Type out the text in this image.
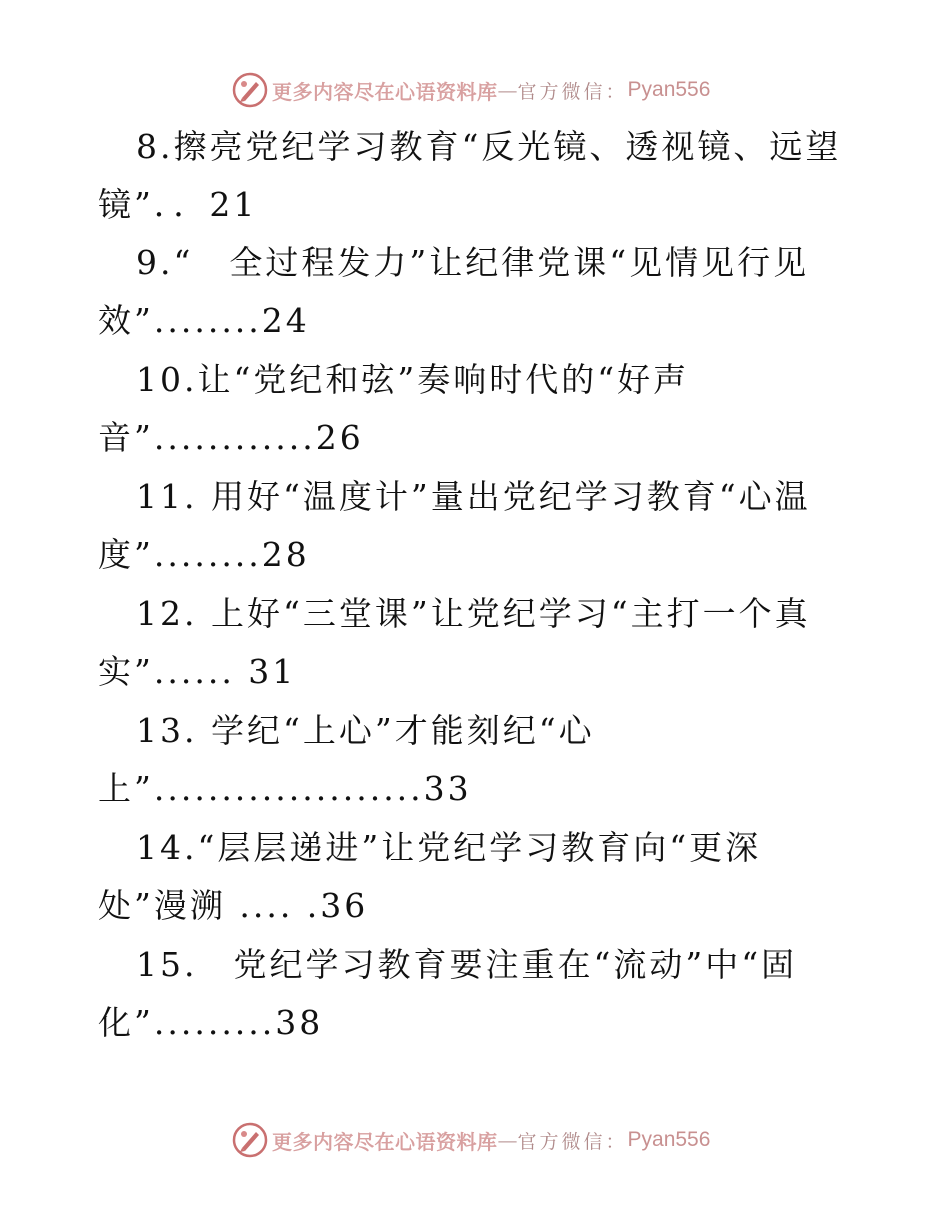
更多内容尽在心语资料库 — 官方微信： Pyan556
8.擦亮党纪学习教育“反光镜、透视镜、远望
镜”．．21
9.“　全过程发力”让纪律党课“见情见行见
效”........24
10.让“党纪和弦”奏响时代的“好声
音”............26
11. 用好“温度计”量出党纪学习教育“心温
度”........28
12. 上好“三堂课”让党纪学习“主打一个真
实”...... 31
13. 学纪“上心”才能刻纪“心
上”....................33
14.“层层递进”让党纪学习教育向“更深
处”漫溯 .... .36
15.　党纪学习教育要注重在“流动”中“固
化”.........38
更多内容尽在心语资料库 — 官方微信： Pyan556
